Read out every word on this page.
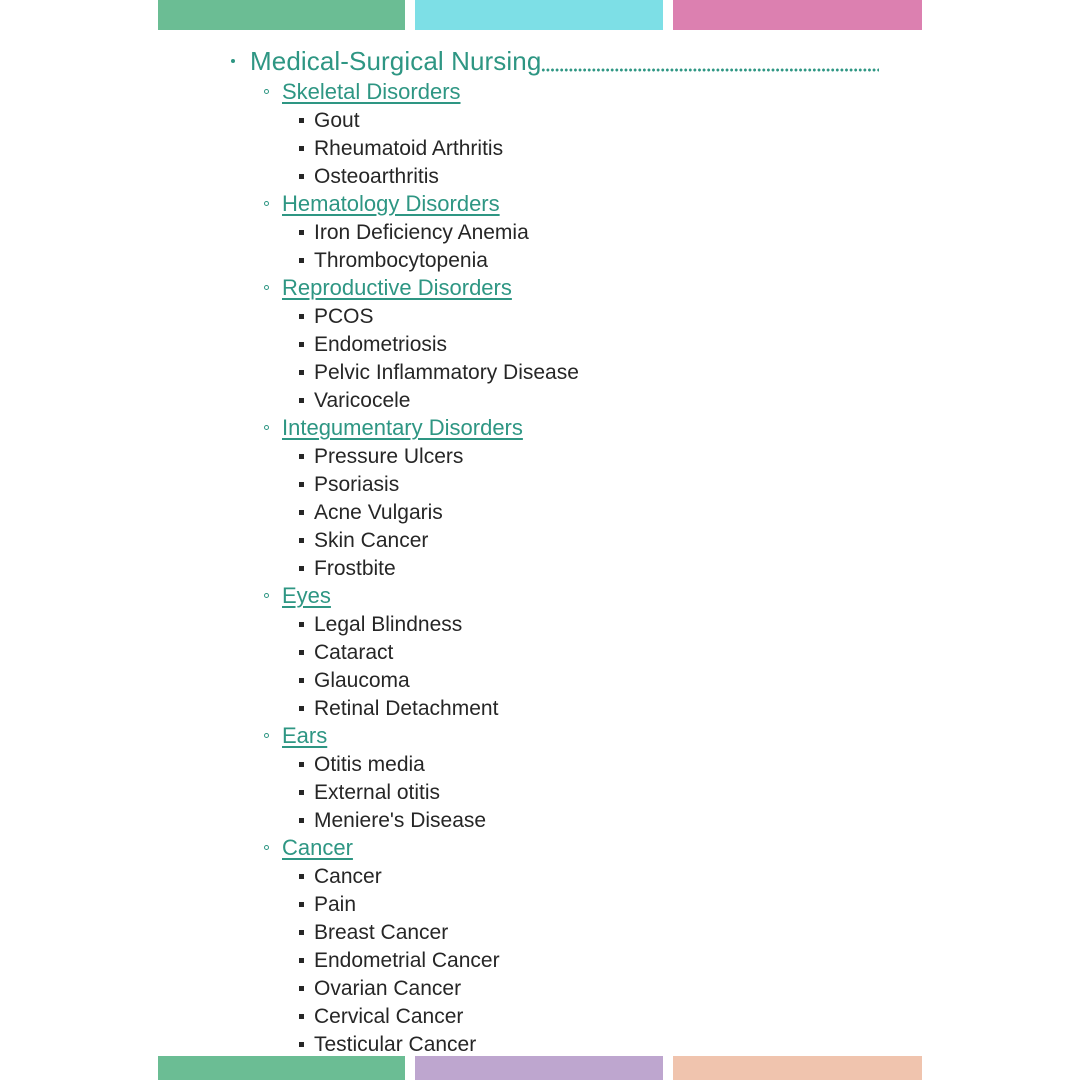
Medical-Surgical Nursing
Skeletal Disorders
Gout
Rheumatoid Arthritis
Osteoarthritis
Hematology Disorders
Iron Deficiency Anemia
Thrombocytopenia
Reproductive Disorders
PCOS
Endometriosis
Pelvic Inflammatory Disease
Varicocele
Integumentary Disorders
Pressure Ulcers
Psoriasis
Acne Vulgaris
Skin Cancer
Frostbite
Eyes
Legal Blindness
Cataract
Glaucoma
Retinal Detachment
Ears
Otitis media
External otitis
Meniere's Disease
Cancer
Cancer
Pain
Breast Cancer
Endometrial Cancer
Ovarian Cancer
Cervical Cancer
Testicular Cancer
